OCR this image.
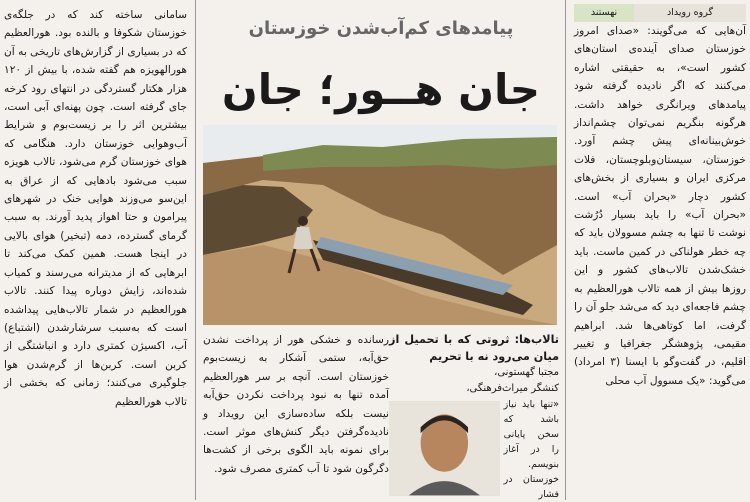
سامانی ساخته کند که در جلگه‌ی خوزستان شکوفا و بالنده بود. هورالعظیم که در بسیاری از گزارش‌های تاریخی به آن هورالهویزه هم گفته شده، با بیش از ۱۲۰ هزار هکتار گستردگی در انتهای رود کرخه جای گرفته است. چون پهنه‌ای آبی است، بیشترین اثر را بر زیست‌بوم و شرایط آب‌وهوایی خوزستان دارد. هنگامی که هوای خوزستان گرم می‌شود، تالاب هویزه سبب می‌شود بادهایی که از عراق به این‌سو می‌وزند هوایی خنک در شهرهای پیرامون و حتا اهواز پدید آورند. به سبب گرمای گسترده، دمه (تبخیر) هوای بالایی در اینجا هست. همین کمک می‌کند تا ابرهایی که از مدیترانه می‌رسند و کمیاب شده‌اند، زایش دوباره پیدا کنند. تالاب هورالعظیم در شمار تالاب‌هایی پیداشده است که به‌سبب سرشار‌شدن (اشتباع) آب، اکسیژن کمتری دارد و انباشتگی از کربن است. کربن‌ها از گرم‌شدن هوا جلوگیری می‌کنند؛ زمانی که بخشی از تالاب هورالعظیم

پیامدهای کم‌آب‌شدن خوزستان
جان هــور؛ جان

رسانده و خشکی هور از پرداخت نشدن حق‌آبه، ستمی آشکار به زیست‌بوم خوزستان است. آنچه بر سر هورالعظیم آمده تنها به نبود پرداخت نکردن حق‌آبه نیست بلکه ساده‌سازی این رویداد و نادیده‌گرفتن دیگر کنش‌های موثر است. برای نمونه باید الگوی برخی از کشت‌ها دگرگون شود تا آب کمتری مصرف شود.

تالاب‌ها: ثروتی که با تحمیل از میان می‌رود نه با تحریم

مجتبا گهستونی،

کنشگر میراث‌فرهنگی،

«تنها باید نیاز باشد که سخن پایانی را در آغاز بنویسم. خوزستان در فشار

گروه رویداد
نهستند

آن‌هایی که می‌گویند: «صدای امروز خوزستان صدای آینده‌ی استان‌های کشور است»، به حقیقتی اشاره می‌کنند که اگر نادیده گرفته شود پیامدهای ویرانگری خواهد داشت. هرگونه بنگریم نمی‌توان چشم‌انداز خوش‌بینانه‌ای پیش چشم آورد. خوزستان، سیستان‌وبلوچستان، فلات مرکزی ایران و بسیاری از بخش‌های کشور دچار «بحران آب» است. «بحران آب» را باید بسیار دُرُشت نوشت تا تنها به چشم مسوولان باید که چه خطر هولناکی در کمین ماست. باید خشک‌شدن تالاب‌های کشور و این روزها بیش از همه تالاب هورالعظیم به چشم فاجعه‌ای دید که می‌شد جلو آن را گرفت، اما کوتاهی‌ها شد. ابراهیم مقیمی، پژوهشگر جغرافیا و تغییر اقلیم، در گفت‌وگو با ایسنا (۳ امرداد) می‌گوید: «یک مسوول آب محلی
